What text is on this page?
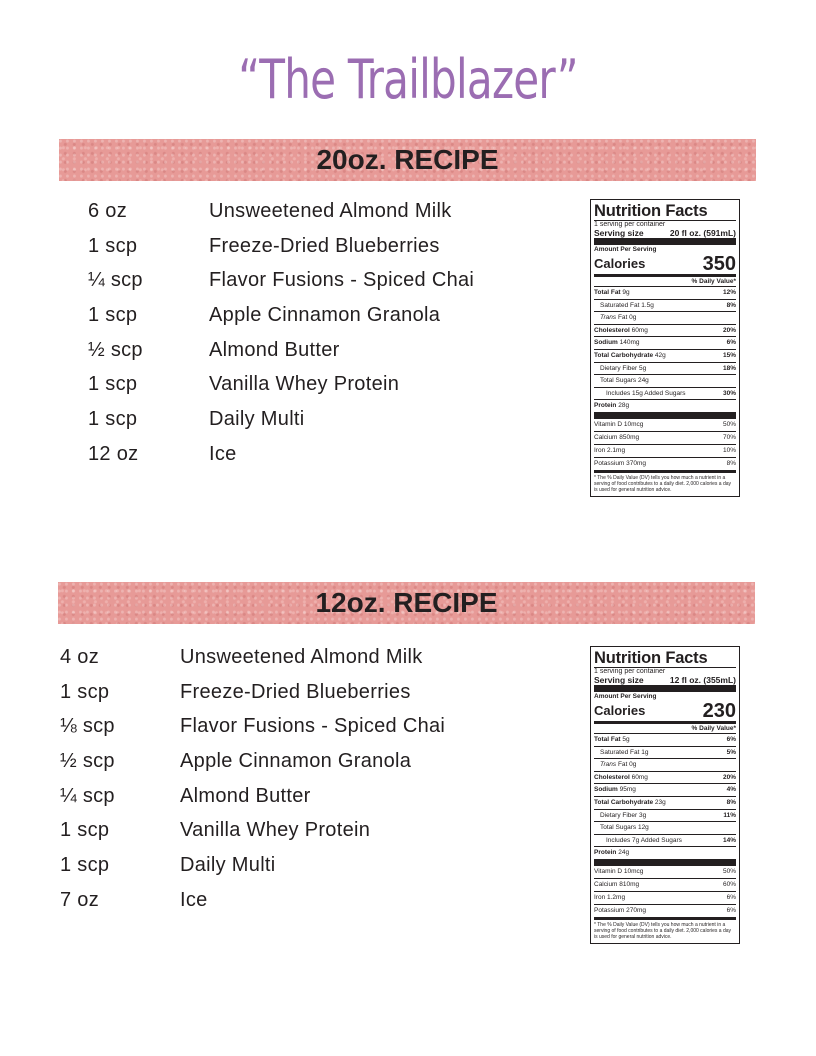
“The Trailblazer”
20oz. RECIPE
6 oz	Unsweetened Almond Milk
1 scp	Freeze-Dried Blueberries
¼ scp	Flavor Fusions - Spiced Chai
1 scp	Apple Cinnamon Granola
½ scp	Almond Butter
1 scp	Vanilla Whey Protein
1 scp	Daily Multi
12 oz	Ice
Nutrition Facts
1 serving per container
Serving size	20 fl oz. (591mL)
Amount Per Serving
Calories	350
% Daily Value*
Total Fat 9g	12%
Saturated Fat 1.5g	8%
Trans Fat 0g
Cholesterol 60mg	20%
Sodium 140mg	6%
Total Carbohydrate 42g	15%
Dietary Fiber 5g	18%
Total Sugars 24g
Includes 15g Added Sugars	30%
Protein 28g
Vitamin D 10mcg	50%
Calcium 850mg	70%
Iron 2.1mg	10%
Potassium 370mg	8%
* The % Daily Value (DV) tells you how much a nutrient in a serving of food contributes to a daily diet. 2,000 calories a day is used for general nutrition advice.
12oz. RECIPE
4 oz	Unsweetened Almond Milk
1 scp	Freeze-Dried Blueberries
⅛ scp	Flavor Fusions - Spiced Chai
½ scp	Apple Cinnamon Granola
¼ scp	Almond Butter
1 scp	Vanilla Whey Protein
1 scp	Daily Multi
7 oz	Ice
Nutrition Facts
1 serving per container
Serving size	12 fl oz. (355mL)
Amount Per Serving
Calories	230
% Daily Value*
Total Fat 5g	6%
Saturated Fat 1g	5%
Trans Fat 0g
Cholesterol 60mg	20%
Sodium 95mg	4%
Total Carbohydrate 23g	8%
Dietary Fiber 3g	11%
Total Sugars 12g
Includes 7g Added Sugars	14%
Protein 24g
Vitamin D 10mcg	50%
Calcium 810mg	60%
Iron 1.2mg	6%
Potassium 270mg	6%
* The % Daily Value (DV) tells you how much a nutrient in a serving of food contributes to a daily diet. 2,000 calories a day is used for general nutrition advice.
